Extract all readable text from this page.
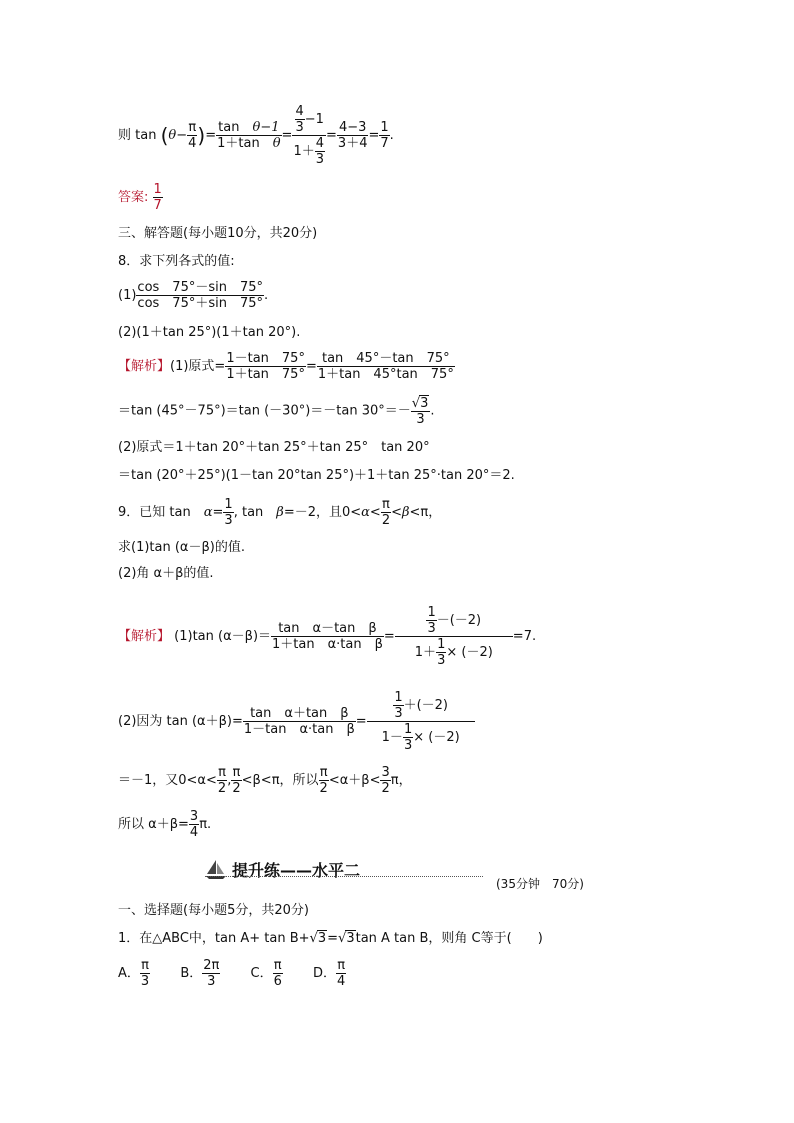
则 $\tan (\theta- \frac{\pi}{4}$ )= $\frac{\text{tan　 θ−1}}{\text{1＋tan　 θ}} = \frac{\frac{4}{3} -1}{1+ \frac{4}{3}} = \frac{4-3}{3+4} = \frac{1}{7}$ .
答案: $\frac{1}{7}$
三、解答题(每小题10分，共20分)
8．求下列各式的值:
$(1) \frac{\cos 75^\circ-\sin 75^\circ}{\cos 75^\circ+\sin 75^\circ}$ .
(2)(1＋tan 25°)(1＋tan 20°).
【解析】(1)原式= $\frac{1-\tan 75^\circ}{1+\tan 75^\circ} = \frac{\tan 45^\circ-\tan 75^\circ}{1+\tan 45^\circ\tan 75^\circ}$
＝tan (45°－75°)＝tan (－30°)＝－tan $30^\circ=- \frac{√3}{3}$ .
(2)原式＝1＋tan 20°＋tan 25°＋tan 25°　tan 20°
＝tan (20°＋25°)(1－tan 20°tan 25°)＋1＋tan 25°·tan 20°＝2.
9．已知 tan　 $\alpha= \frac{1}{3}$ , tan　 β=－2，且$0<\alpha< \frac{\pi}{2} <\beta<\pi$，
求(1)tan (α－β)的值.
(2)角 α＋β的值.
【解析】 (1)tan $(\alpha-\beta)= \frac{\text{tan　α－tan　β}}{\text{1＋tan　α·tan　β}} = \frac{\frac{1}{3} -(-2)}{1+ \frac{1}{3} \times (-2)} =7$.
(2)因为 $\tan (\alpha+\beta)= \frac{\text{tan　α＋tan　β}}{\text{1－tan　α·tan　β}} = \frac{\frac{1}{3} +(-2)}{1- \frac{1}{3} \times (-2)}$
＝－1，又$0<\alpha< \frac{\pi}{2}$ , $\frac{\pi}{2} <\beta<\pi$，所以 $\frac{\pi}{2} <\alpha+\beta< \frac{3}{2}$ π，
所以 $\alpha+\beta= \frac{3}{4} \pi$.
提升练——水平二
(35分钟　70分)
一、选择题(每小题5分，共20分)
1．在△ABC中，tan A+ tan B+√3=√3tan A tan B，则角 C等于(　　)
A． $\frac{\pi}{3}$
　　 B． $\frac{2\pi}{3}$
　　 C． $\frac{\pi}{6}$
　　 D． $\frac{\pi}{4}$
